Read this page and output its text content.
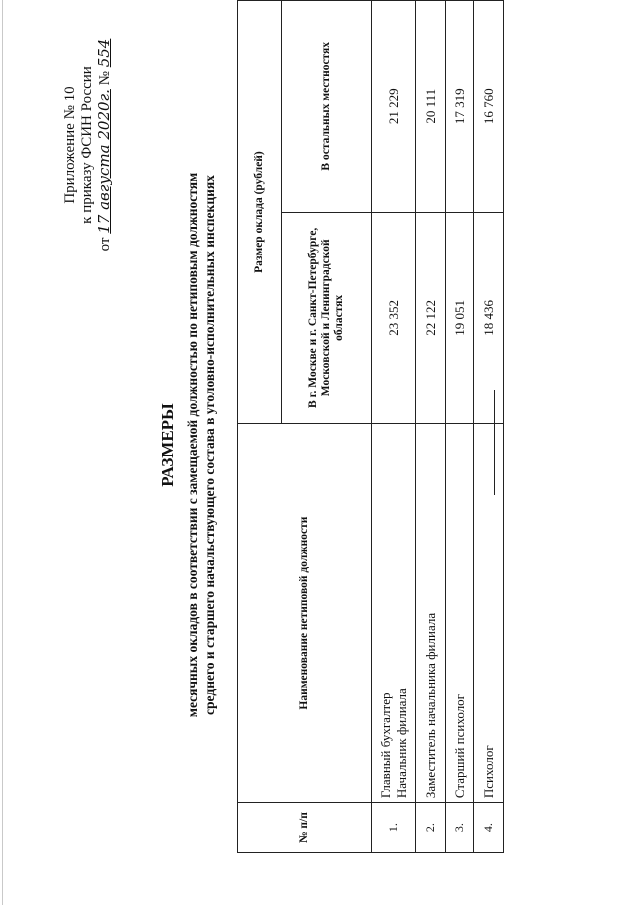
Приложение № 10 к приказу ФСИН России
от 17 августа 2020г. № 554
РАЗМЕРЫ месячных окладов в соответствии с замещаемой должностью по нетиповым должностям среднего и старшего начальствующего состава в уголовно-исполнительных инспекциях
№ п/п	Наименование нетиповой должности	Размер оклада (рублей)	
		В г. Москве и г. Санкт-Петербурге, Московской и Ленинградской областях	В остальных местностях
1.	Главный бухгалтер Начальник филиала	23 352	21 229
2.	Заместитель начальника филиала	22 122	20 111
3.	Старший психолог	19 051	17 319
4.	Психолог	18 436	16 760
